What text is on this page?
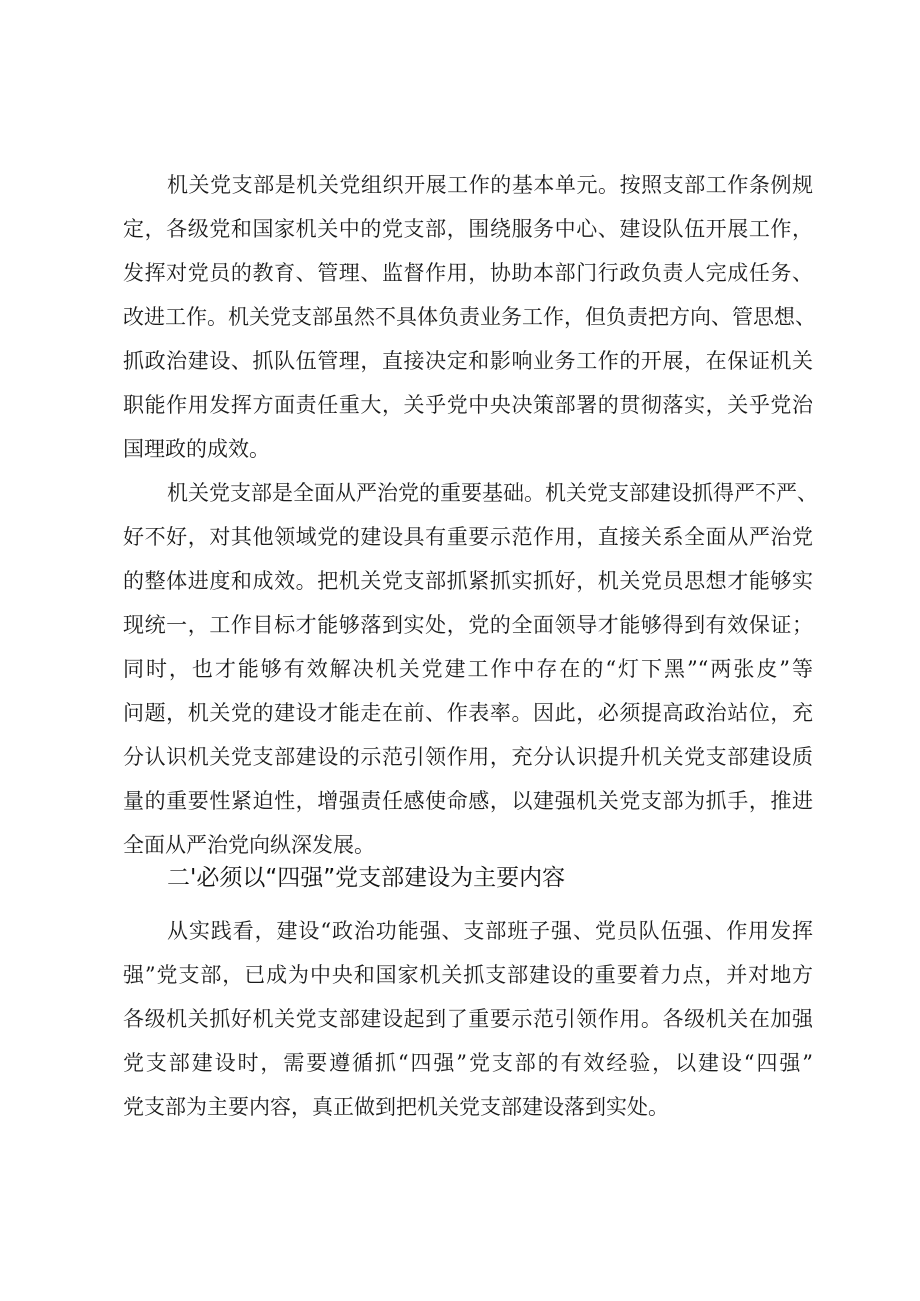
机关党支部是机关党组织开展工作的基本单元。按照支部工作条例规
定，各级党和国家机关中的党支部，围绕服务中心、建设队伍开展工作，
发挥对党员的教育、管理、监督作用，协助本部门行政负责人完成任务、
改进工作。机关党支部虽然不具体负责业务工作，但负责把方向、管思想、
抓政治建设、抓队伍管理，直接决定和影响业务工作的开展，在保证机关
职能作用发挥方面责任重大，关乎党中央决策部署的贯彻落实，关乎党治
国理政的成效。
机关党支部是全面从严治党的重要基础。机关党支部建设抓得严不严、
好不好，对其他领域党的建设具有重要示范作用，直接关系全面从严治党
的整体进度和成效。把机关党支部抓紧抓实抓好，机关党员思想才能够实
现统一，工作目标才能够落到实处，党的全面领导才能够得到有效保证；
同时，也才能够有效解决机关党建工作中存在的“灯下黑”“两张皮”等
问题，机关党的建设才能走在前、作表率。因此，必须提高政治站位，充
分认识机关党支部建设的示范引领作用，充分认识提升机关党支部建设质
量的重要性紧迫性，增强责任感使命感，以建强机关党支部为抓手，推进
全面从严治党向纵深发展。
二'必须以“四强”党支部建设为主要内容
从实践看，建设“政治功能强、支部班子强、党员队伍强、作用发挥
强”党支部，已成为中央和国家机关抓支部建设的重要着力点，并对地方
各级机关抓好机关党支部建设起到了重要示范引领作用。各级机关在加强
党支部建设时，需要遵循抓“四强”党支部的有效经验，以建设“四强”
党支部为主要内容，真正做到把机关党支部建设落到实处。
